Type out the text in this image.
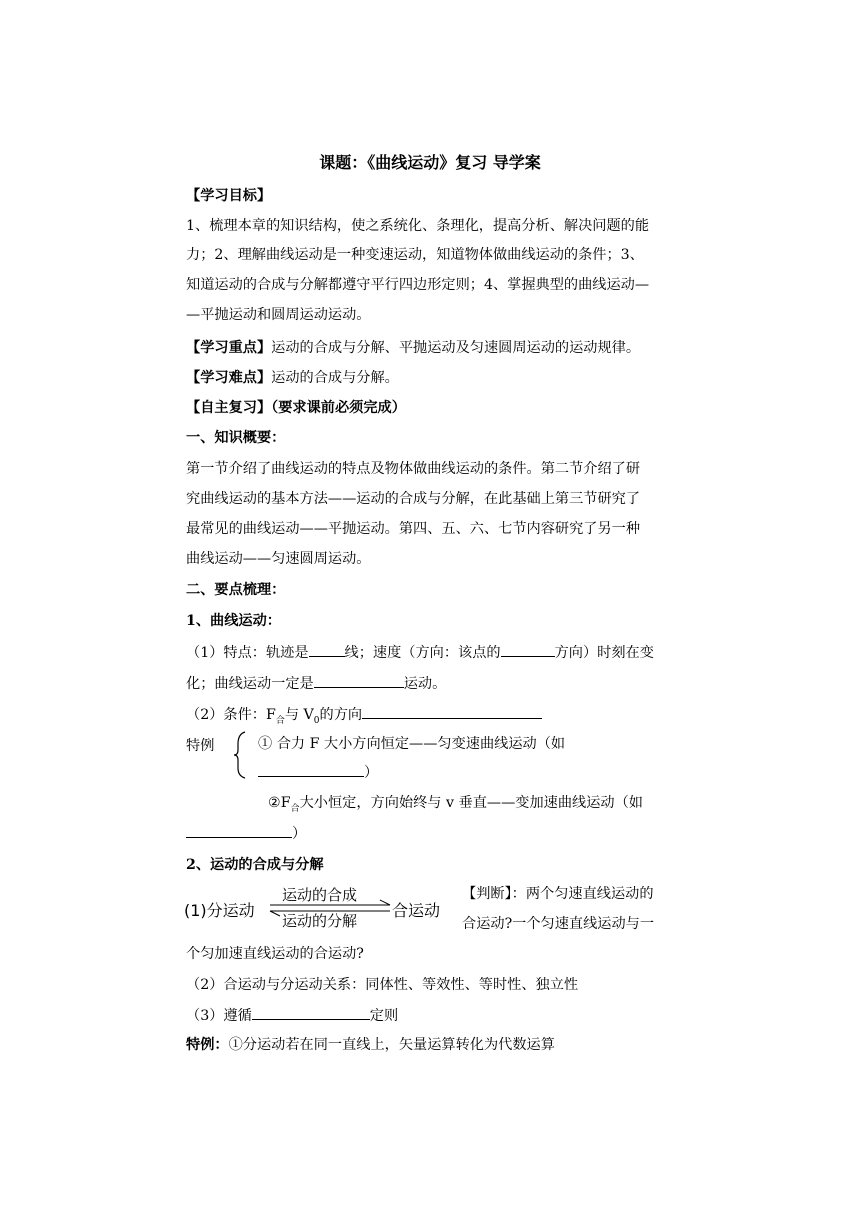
课题：《曲线运动》复习 导学案
【学习目标】
1、梳理本章的知识结构，使之系统化、条理化，提高分析、解决问题的能
力；2、理解曲线运动是一种变速运动，知道物体做曲线运动的条件；3、
知道运动的合成与分解都遵守平行四边形定则；4、掌握典型的曲线运动—
—平抛运动和圆周运动运动。
【学习重点】运动的合成与分解、平抛运动及匀速圆周运动的运动规律。
【学习难点】运动的合成与分解。
【自主复习】（要求课前必须完成）
一、知识概要：
第一节介绍了曲线运动的特点及物体做曲线运动的条件。第二节介绍了研
究曲线运动的基本方法——运动的合成与分解，在此基础上第三节研究了
最常见的曲线运动——平抛运动。第四、五、六、七节内容研究了另一种
曲线运动——匀速圆周运动。
二、要点梳理：
1、曲线运动：
（1）特点：轨迹是	线；速度（方向：该点的	方向）时刻在变
化；曲线运动一定是	运动。
（2）条件：$F_合$与 $V_0$的方向
特例	① 合力 F 大小方向恒定——匀变速曲线运动（如
）
$②F_合$大小恒定，方向始终与 v 垂直——变加速曲线运动（如
）
2、运动的合成与分解
(1)分运动
运动的合成
运动的分解
合运动
【判断】：两个匀速直线运动的
合运动?一个匀速直线运动与一
个匀加速直线运动的合运动?
（2）合运动与分运动关系：同体性、等效性、等时性、独立性
（3）遵循	定则
特例：①分运动若在同一直线上，矢量运算转化为代数运算
